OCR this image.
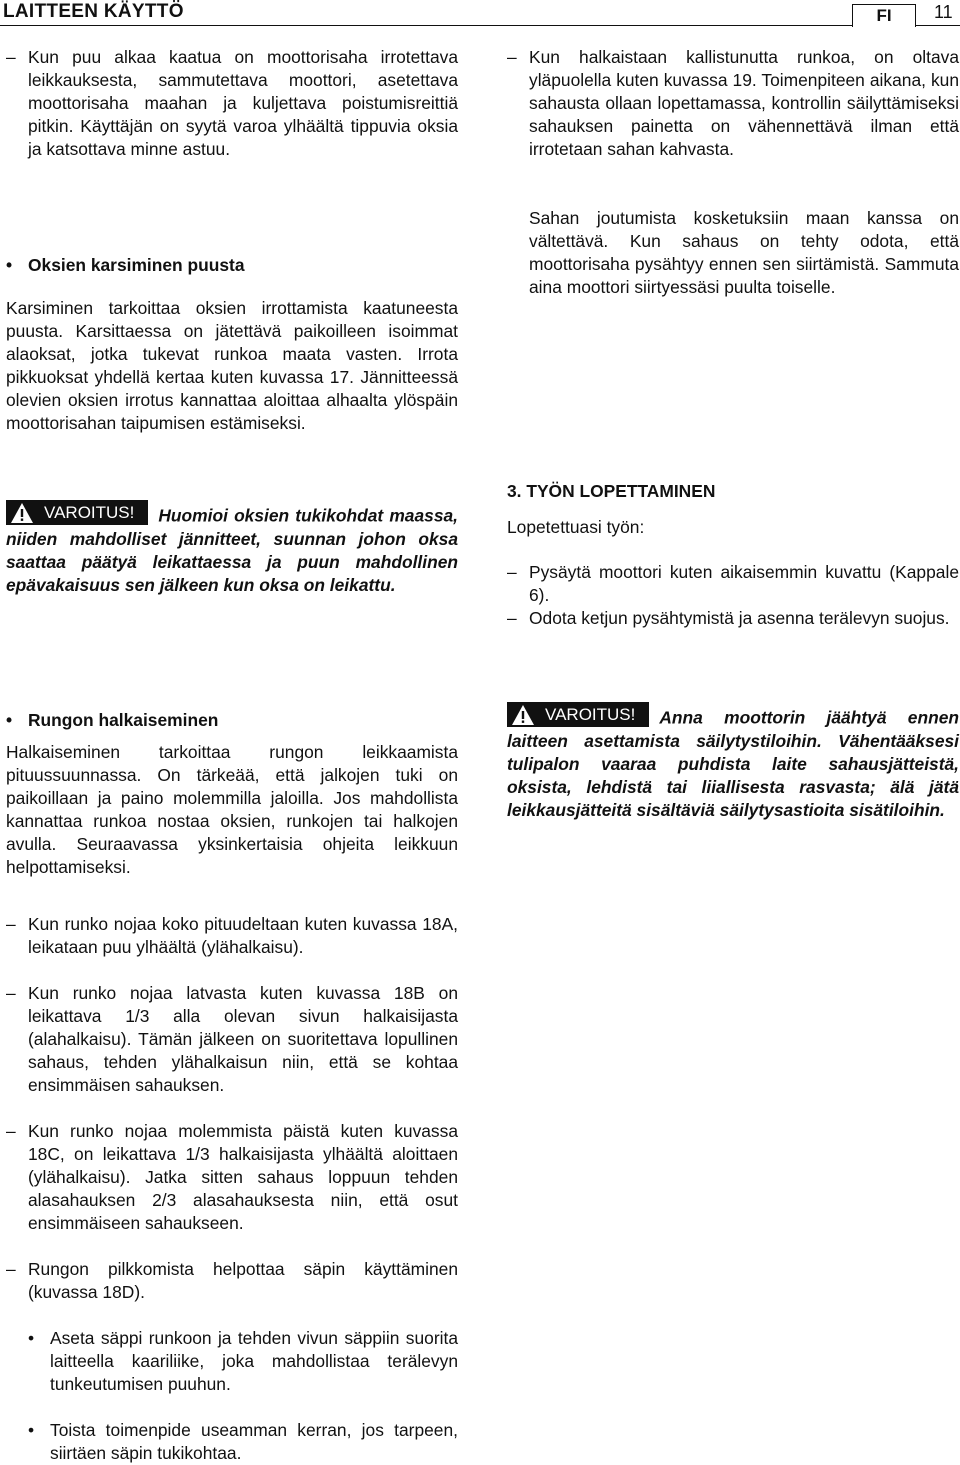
LAITTEEN KÄYTTÖ	FI	11
– Kun puu alkaa kaatua on moottorisaha irrotettava leikkauksesta, sammutettava moottori, asetettava moottorisaha maahan ja kuljettava poistumisreittiä pitkin. Käyttäjän on syytä varoa ylhäältä tippuvia oksia ja katsottava minne astuu.
• Oksien karsiminen puusta
Karsiminen tarkoittaa oksien irrottamista kaatuneesta puusta. Karsittaessa on jätettävä paikoilleen isoimmat alaoksat, jotka tukevat runkoa maata vasten. Irrota pikkuoksat yhdellä kertaa kuten kuvassa 17. Jännitteessä olevien oksien irrotus kannattaa aloittaa alhaalta ylöspäin moottorisahan taipumisen estämiseksi.
VAROITUS! Huomioi oksien tukikohdat maassa, niiden mahdolliset jännitteet, suunnan johon oksa saattaa päätyä leikattaessa ja puun mahdollinen epävakaisuus sen jälkeen kun oksa on leikattu.
• Rungon halkaiseminen
Halkaiseminen tarkoittaa rungon leikkaamista pituussuunnassa. On tärkeää, että jalkojen tuki on paikoillaan ja paino molemmilla jaloilla. Jos mahdollista kannattaa runkoa nostaa oksien, runkojen tai halkojen avulla. Seuraavassa yksinkertaisia ohjeita leikkuun helpottamiseksi.
– Kun runko nojaa koko pituudeltaan kuten kuvassa 18A, leikataan puu ylhäältä (ylähalkaisu).
– Kun runko nojaa latvasta kuten kuvassa 18B on leikattava 1/3 alla olevan sivun halkaisijasta (alahalkaisu). Tämän jälkeen on suoritettava lopullinen sahaus, tehden ylähalkaisun niin, että se kohtaa ensimmäisen sahauksen.
– Kun runko nojaa molemmista päistä kuten kuvassa 18C, on leikattava 1/3 halkaisijasta ylhäältä aloittaen (ylähalkaisu). Jatka sitten sahaus loppuun tehden alasahauksen 2/3 alasahauksesta niin, että osut ensimmäiseen sahaukseen.
– Rungon pilkkomista helpottaa säpin käyttäminen (kuvassa 18D).
• Aseta säppi runkoon ja tehden vivun säppiin suorita laitteella kaariliike, joka mahdollistaa terälevyn tunkeutumisen puuhun.
• Toista toimenpide useamman kerran, jos tarpeen, siirtäen säpin tukikohtaa.
– Kun halkaistaan kallistunutta runkoa, on oltava yläpuolella kuten kuvassa 19. Toimenpiteen aikana, kun sahausta ollaan lopettamassa, kontrollin säilyttämiseksi sahauksen painetta on vähennettävä ilman että irrotetaan sahan kahvasta.
Sahan joutumista kosketuksiin maan kanssa on vältettävä. Kun sahaus on tehty odota, että moottorisaha pysähtyy ennen sen siirtämistä. Sammuta aina moottori siirtyessäsi puulta toiselle.
3. TYÖN LOPETTAMINEN
Lopetettuasi työn:
– Pysäytä moottori kuten aikaisemmin kuvattu (Kappale 6).
– Odota ketjun pysähtymistä ja asenna terälevyn suojus.
VAROITUS! Anna moottorin jäähtyä ennen laitteen asettamista säilytystiloihin. Vähentääksesi tulipalon vaaraa puhdista laite sahausjätteistä, oksista, lehdistä tai liiallisesta rasvasta; älä jätä leikkausjätteitä sisältäviä säilytysastioita sisätiloihin.
